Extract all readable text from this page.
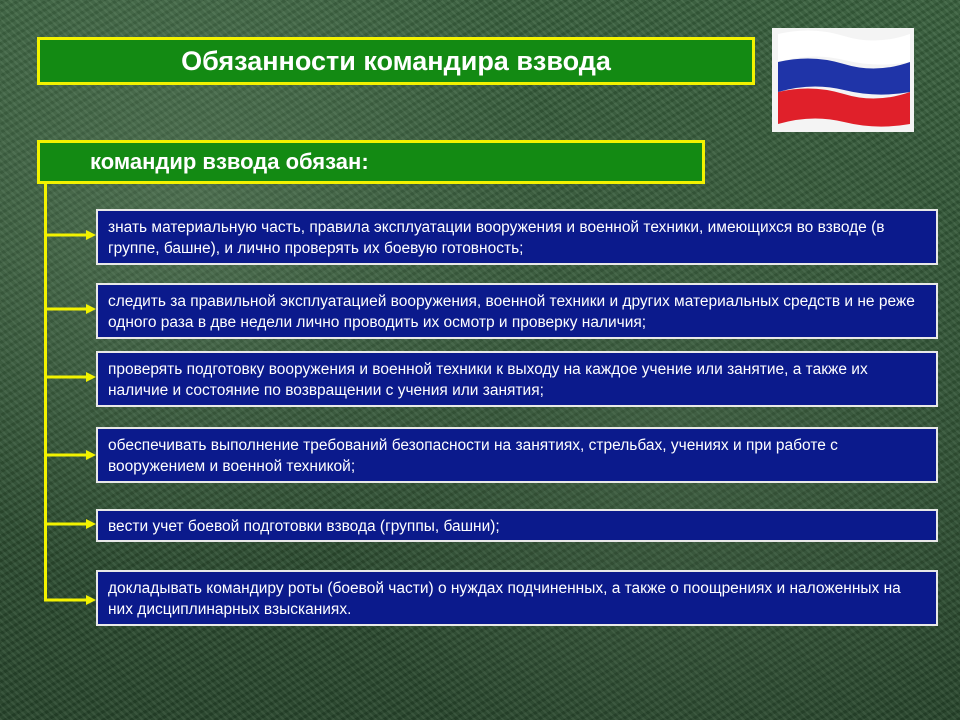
Обязанности командира взвода
командир взвода обязан:
знать материальную часть, правила эксплуатации вооружения и военной техники, имеющихся во взводе (в группе, башне), и лично проверять их боевую готовность;
следить за правильной эксплуатацией вооружения, военной техники и других материальных средств и не реже одного раза в две недели лично проводить их осмотр и проверку наличия;
проверять подготовку вооружения и военной техники к выходу на каждое учение или занятие, а также их наличие и состояние по возвращении с учения или занятия;
обеспечивать выполнение требований безопасности на занятиях, стрельбах, учениях и при работе с вооружением и военной техникой;
вести учет боевой подготовки взвода (группы, башни);
докладывать командиру роты (боевой части) о нуждах подчиненных, а также о поощрениях и наложенных на них дисциплинарных взысканиях.
